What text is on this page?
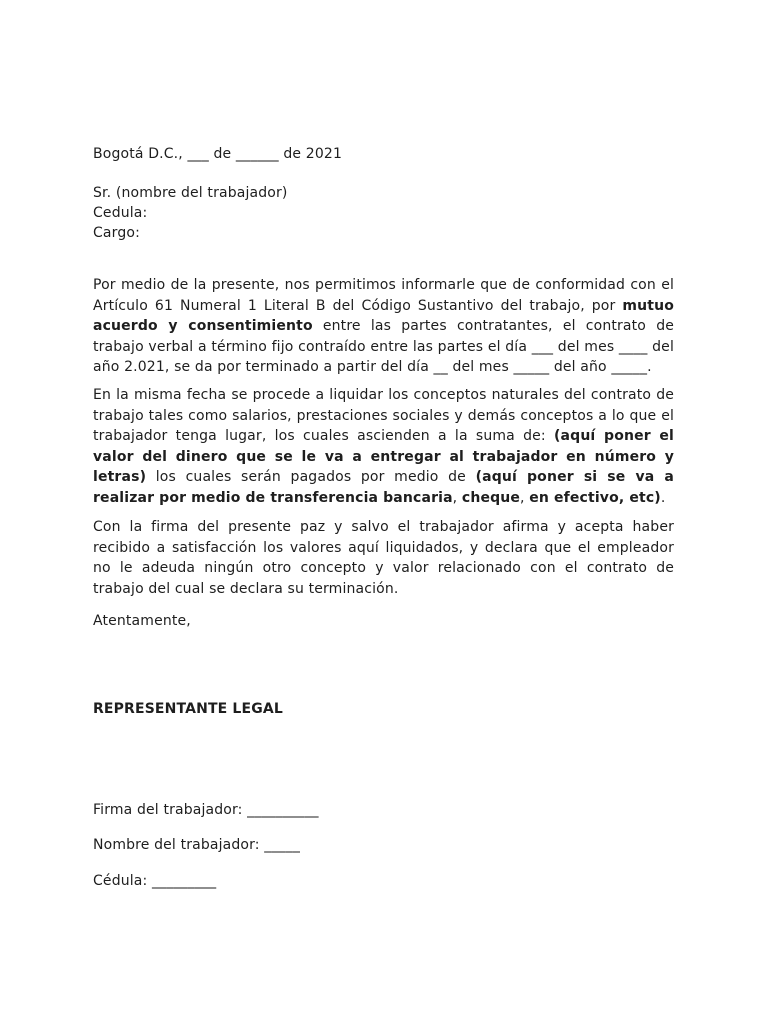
Bogotá D.C., ___ de ______ de 2021
Sr. (nombre del trabajador)
Cedula:
Cargo:
Por medio de la presente, nos permitimos informarle que de conformidad con el Artículo 61 Numeral 1 Literal B del Código Sustantivo del trabajo, por mutuo acuerdo y consentimiento entre las partes contratantes, el contrato de trabajo verbal a término fijo contraído entre las partes el día ___ del mes ____ del año 2.021, se da por terminado a partir del día __ del mes _____ del año _____.
En la misma fecha se procede a liquidar los conceptos naturales del contrato de trabajo tales como salarios, prestaciones sociales y demás conceptos a lo que el trabajador tenga lugar, los cuales ascienden a la suma de: (aquí poner el valor del dinero que se le va a entregar al trabajador en número y letras) los cuales serán pagados por medio de (aquí poner si se va a realizar por medio de transferencia bancaria, cheque, en efectivo, etc).
Con la firma del presente paz y salvo el trabajador afirma y acepta haber recibido a satisfacción los valores aquí liquidados, y declara que el empleador no le adeuda ningún otro concepto y valor relacionado con el contrato de trabajo del cual se declara su terminación.
Atentamente,
REPRESENTANTE LEGAL
Firma del trabajador: __________
Nombre del trabajador: _____
Cédula: _________
